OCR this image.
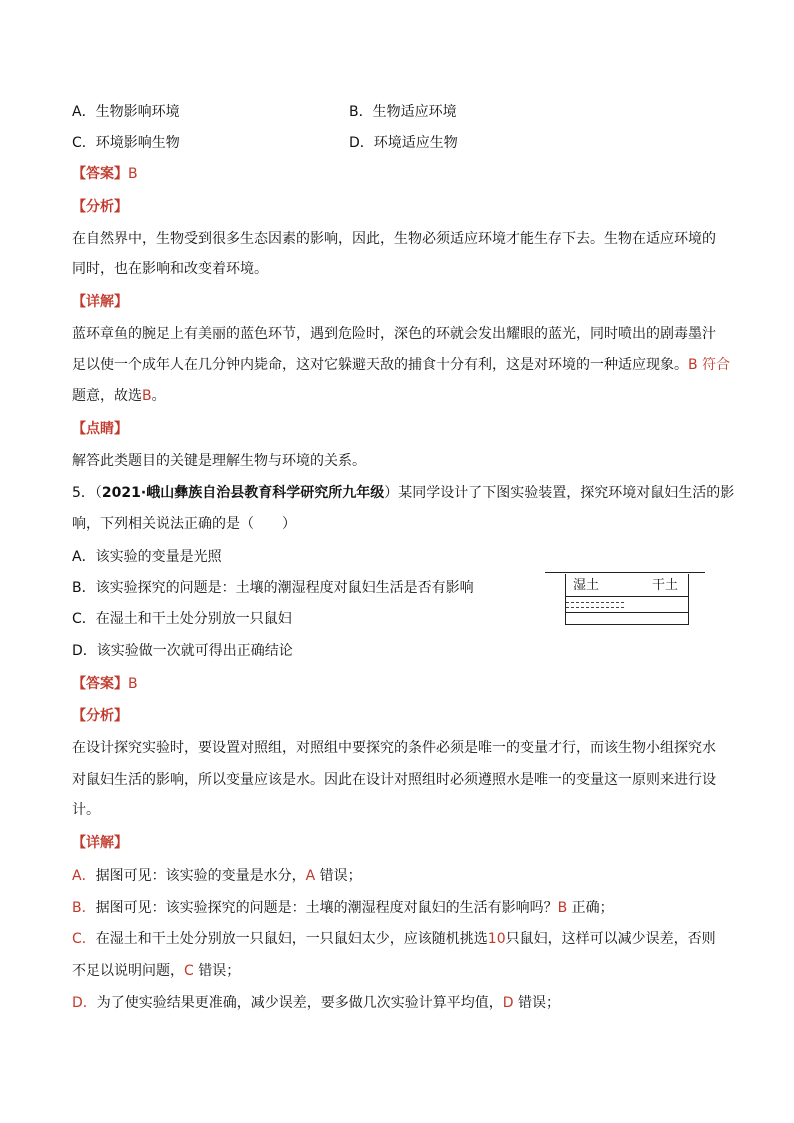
A．生物影响环境	B．生物适应环境
C．环境影响生物	D．环境适应生物
【答案】B
【分析】
在自然界中，生物受到很多生态因素的影响，因此，生物必须适应环境才能生存下去。生物在适应环境的
同时，也在影响和改变着环境。
【详解】
蓝环章鱼的腕足上有美丽的蓝色环节，遇到危险时，深色的环就会发出耀眼的蓝光，同时喷出的剧毒墨汁
足以使一个成年人在几分钟内毙命，这对它躲避天敌的捕食十分有利，这是对环境的一种适应现象。B 符合
题意，故选B。
【点睛】
解答此类题目的关键是理解生物与环境的关系。
5．（2021·峨山彝族自治县教育科学研究所九年级）某同学设计了下图实验装置，探究环境对鼠妇生活的影
响，下列相关说法正确的是（　　）
A．该实验的变量是光照
B．该实验探究的问题是：土壤的潮湿程度对鼠妇生活是否有影响
C．在湿土和干土处分别放一只鼠妇
D．该实验做一次就可得出正确结论
湿土	干土
【答案】B
【分析】
在设计探究实验时，要设置对照组，对照组中要探究的条件必须是唯一的变量才行，而该生物小组探究水
对鼠妇生活的影响，所以变量应该是水。因此在设计对照组时必须遵照水是唯一的变量这一原则来进行设
计。
【详解】
A．据图可见：该实验的变量是水分，A 错误；
B．据图可见：该实验探究的问题是：土壤的潮湿程度对鼠妇的生活有影响吗？B 正确；
C．在湿土和干土处分别放一只鼠妇，一只鼠妇太少，应该随机挑选10只鼠妇，这样可以减少误差，否则
不足以说明问题，C 错误；
D．为了使实验结果更准确，减少误差，要多做几次实验计算平均值，D 错误；
